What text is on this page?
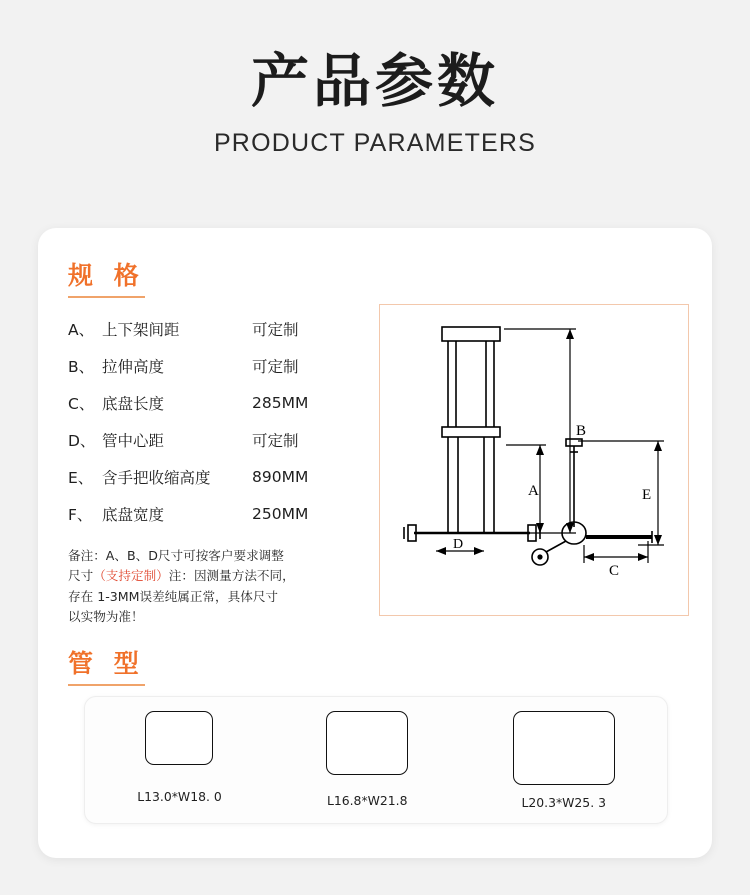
产品参数
PRODUCT PARAMETERS
规 格
A、 上下架间距	可定制
B、 拉伸高度	可定制
C、 底盘长度	285MM
D、 管中心距	可定制
E、 含手把收缩高度	890MM
F、 底盘宽度	250MM
备注：A、B、D尺寸可按客户要求调整
尺寸（支持定制）注：因测量方法不同，
存在 1-3MM误差纯属正常，具体尺寸
以实物为准！
B
A
D
E
C
管 型
L13.0*W18. 0	L16.8*W21.8	L20.3*W25. 3
